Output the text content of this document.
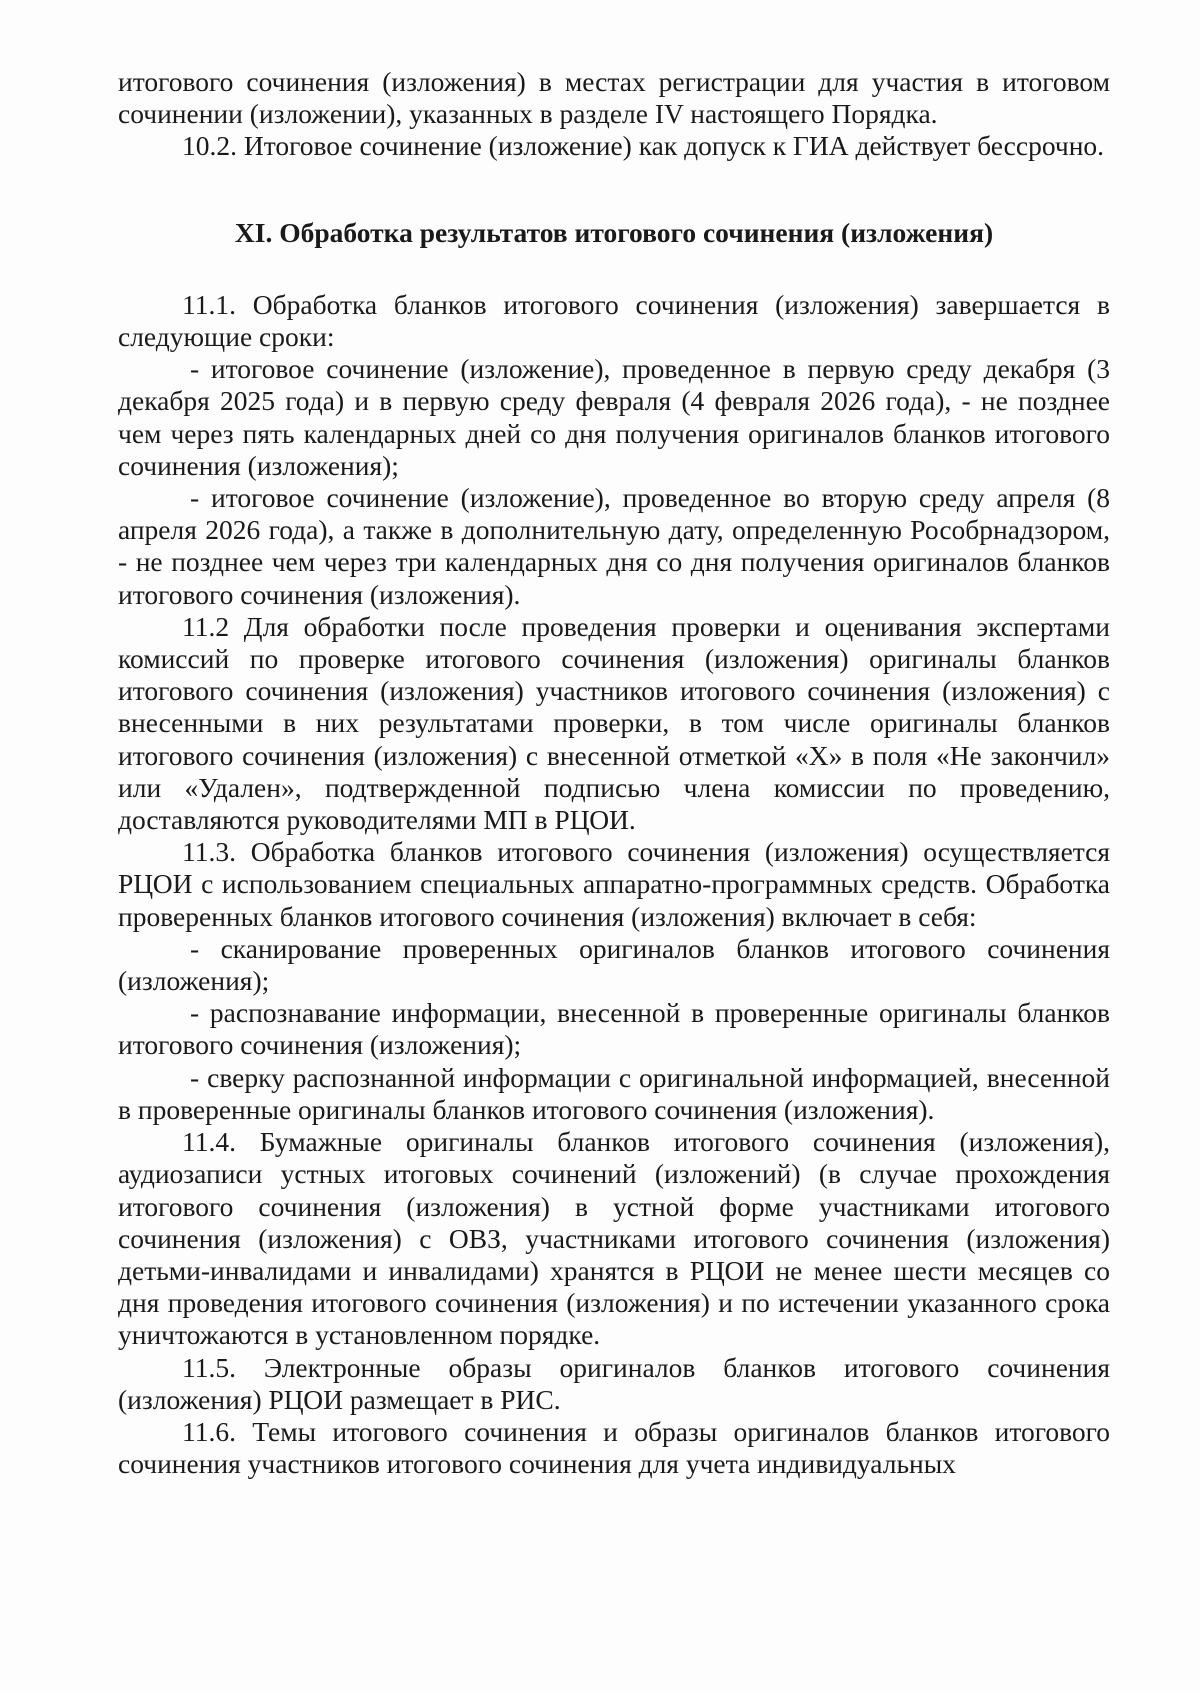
итогового сочинения (изложения) в местах регистрации для участия в итоговом сочинении (изложении), указанных в разделе IV настоящего Порядка.

10.2. Итоговое сочинение (изложение) как допуск к ГИА действует бессрочно.

XI. Обработка результатов итогового сочинения (изложения)

11.1. Обработка бланков итогового сочинения (изложения) завершается в следующие сроки:

- итоговое сочинение (изложение), проведенное в первую среду декабря (3 декабря 2025 года) и в первую среду февраля (4 февраля 2026 года), - не позднее чем через пять календарных дней со дня получения оригиналов бланков итогового сочинения (изложения);

- итоговое сочинение (изложение), проведенное во вторую среду апреля (8 апреля 2026 года), а также в дополнительную дату, определенную Рособрнадзором, - не позднее чем через три календарных дня со дня получения оригиналов бланков итогового сочинения (изложения).

11.2 Для обработки после проведения проверки и оценивания экспертами комиссий по проверке итогового сочинения (изложения) оригиналы бланков итогового сочинения (изложения) участников итогового сочинения (изложения) с внесенными в них результатами проверки, в том числе оригиналы бланков итогового сочинения (изложения) с внесенной отметкой «X» в поля «Не закончил» или «Удален», подтвержденной подписью члена комиссии по проведению, доставляются руководителями МП в РЦОИ.

11.3. Обработка бланков итогового сочинения (изложения) осуществляется РЦОИ с использованием специальных аппаратно-программных средств. Обработка проверенных бланков итогового сочинения (изложения) включает в себя:

- сканирование проверенных оригиналов бланков итогового сочинения (изложения);

- распознавание информации, внесенной в проверенные оригиналы бланков итогового сочинения (изложения);

- сверку распознанной информации с оригинальной информацией, внесенной в проверенные оригиналы бланков итогового сочинения (изложения).

11.4. Бумажные оригиналы бланков итогового сочинения (изложения), аудиозаписи устных итоговых сочинений (изложений) (в случае прохождения итогового сочинения (изложения) в устной форме участниками итогового сочинения (изложения) с ОВЗ, участниками итогового сочинения (изложения) детьми-инвалидами и инвалидами) хранятся в РЦОИ не менее шести месяцев со дня проведения итогового сочинения (изложения) и по истечении указанного срока уничтожаются в установленном порядке.

11.5. Электронные образы оригиналов бланков итогового сочинения (изложения) РЦОИ размещает в РИС.

11.6. Темы итогового сочинения и образы оригиналов бланков итогового сочинения участников итогового сочинения для учета индивидуальных
